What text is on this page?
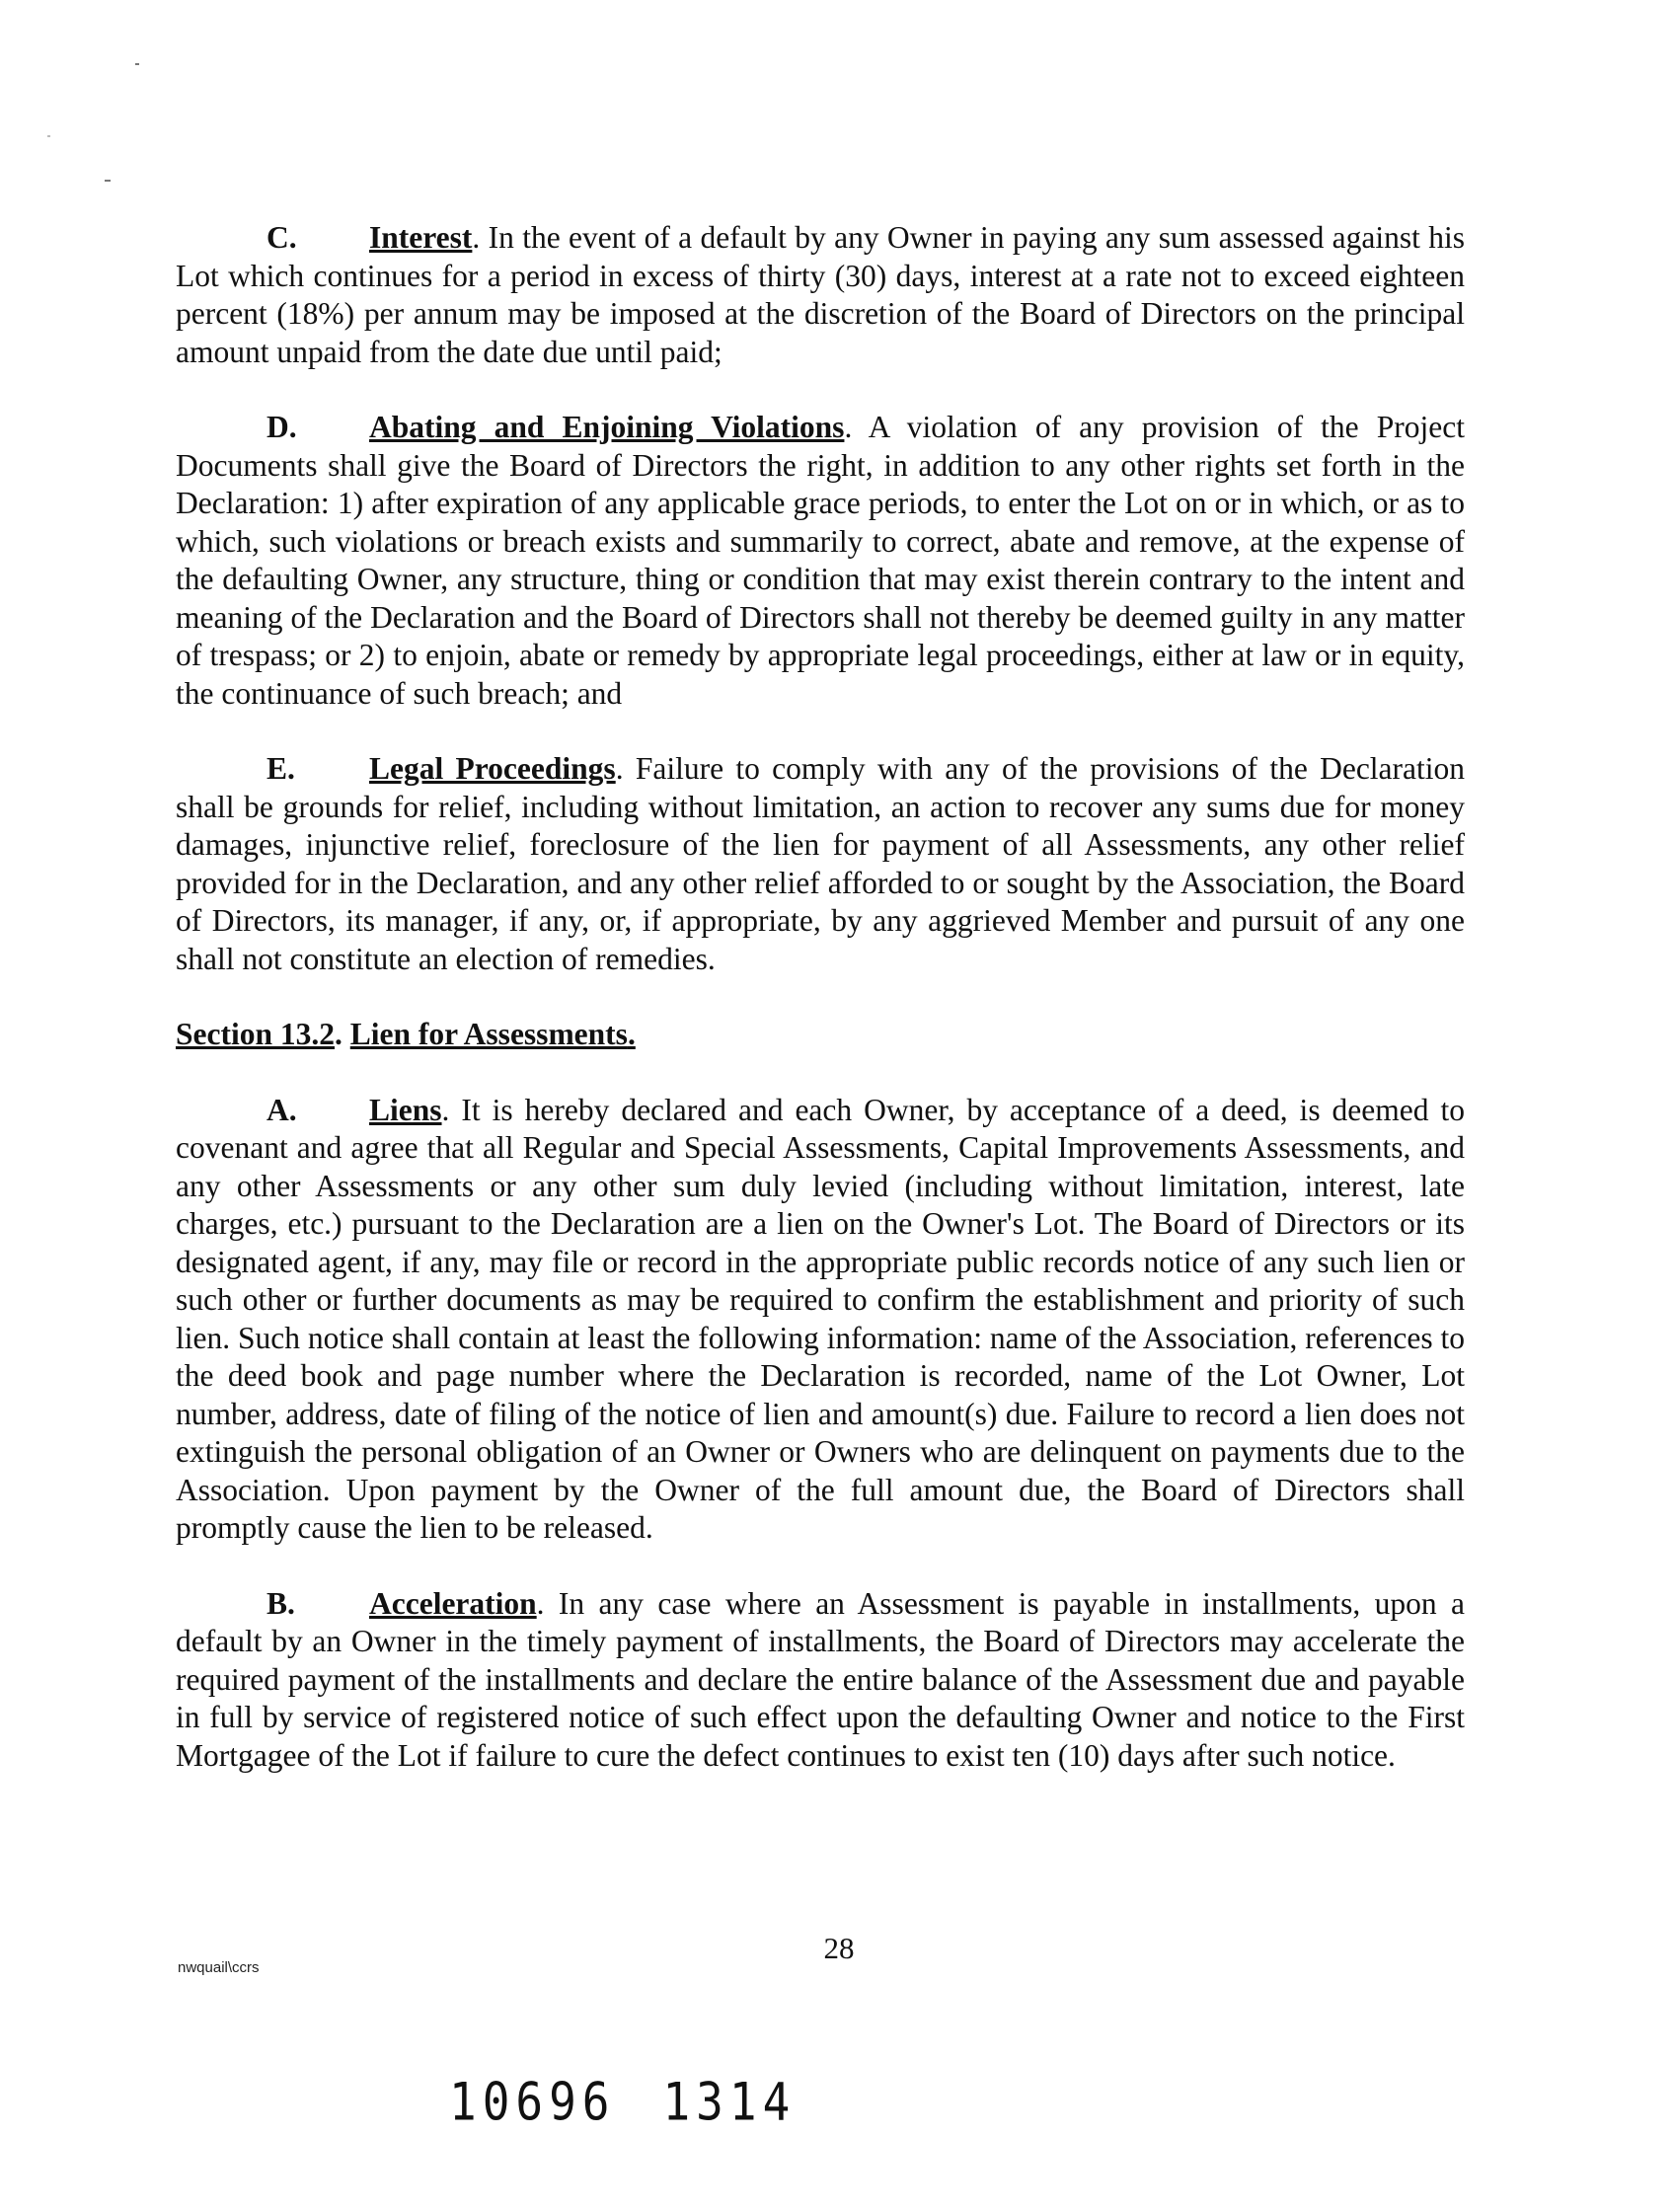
C. Interest. In the event of a default by any Owner in paying any sum assessed against his Lot which continues for a period in excess of thirty (30) days, interest at a rate not to exceed eighteen percent (18%) per annum may be imposed at the discretion of the Board of Directors on the principal amount unpaid from the date due until paid;

D. Abating and Enjoining Violations. A violation of any provision of the Project Documents shall give the Board of Directors the right, in addition to any other rights set forth in the Declaration: 1) after expiration of any applicable grace periods, to enter the Lot on or in which, or as to which, such violations or breach exists and summarily to correct, abate and remove, at the expense of the defaulting Owner, any structure, thing or condition that may exist therein contrary to the intent and meaning of the Declaration and the Board of Directors shall not thereby be deemed guilty in any matter of trespass; or 2) to enjoin, abate or remedy by appropriate legal proceedings, either at law or in equity, the continuance of such breach; and

E. Legal Proceedings. Failure to comply with any of the provisions of the Declaration shall be grounds for relief, including without limitation, an action to recover any sums due for money damages, injunctive relief, foreclosure of the lien for payment of all Assessments, any other relief provided for in the Declaration, and any other relief afforded to or sought by the Association, the Board of Directors, its manager, if any, or, if appropriate, by any aggrieved Member and pursuit of any one shall not constitute an election of remedies.

Section 13.2. Lien for Assessments.

A. Liens. It is hereby declared and each Owner, by acceptance of a deed, is deemed to covenant and agree that all Regular and Special Assessments, Capital Improvements Assessments, and any other Assessments or any other sum duly levied (including without limitation, interest, late charges, etc.) pursuant to the Declaration are a lien on the Owner's Lot. The Board of Directors or its designated agent, if any, may file or record in the appropriate public records notice of any such lien or such other or further documents as may be required to confirm the establishment and priority of such lien. Such notice shall contain at least the following information: name of the Association, references to the deed book and page number where the Declaration is recorded, name of the Lot Owner, Lot number, address, date of filing of the notice of lien and amount(s) due. Failure to record a lien does not extinguish the personal obligation of an Owner or Owners who are delinquent on payments due to the Association. Upon payment by the Owner of the full amount due, the Board of Directors shall promptly cause the lien to be released.

B. Acceleration. In any case where an Assessment is payable in installments, upon a default by an Owner in the timely payment of installments, the Board of Directors may accelerate the required payment of the installments and declare the entire balance of the Assessment due and payable in full by service of registered notice of such effect upon the defaulting Owner and notice to the First Mortgagee of the Lot if failure to cure the defect continues to exist ten (10) days after such notice.

nwquail\ccrs
28
10696 1314
